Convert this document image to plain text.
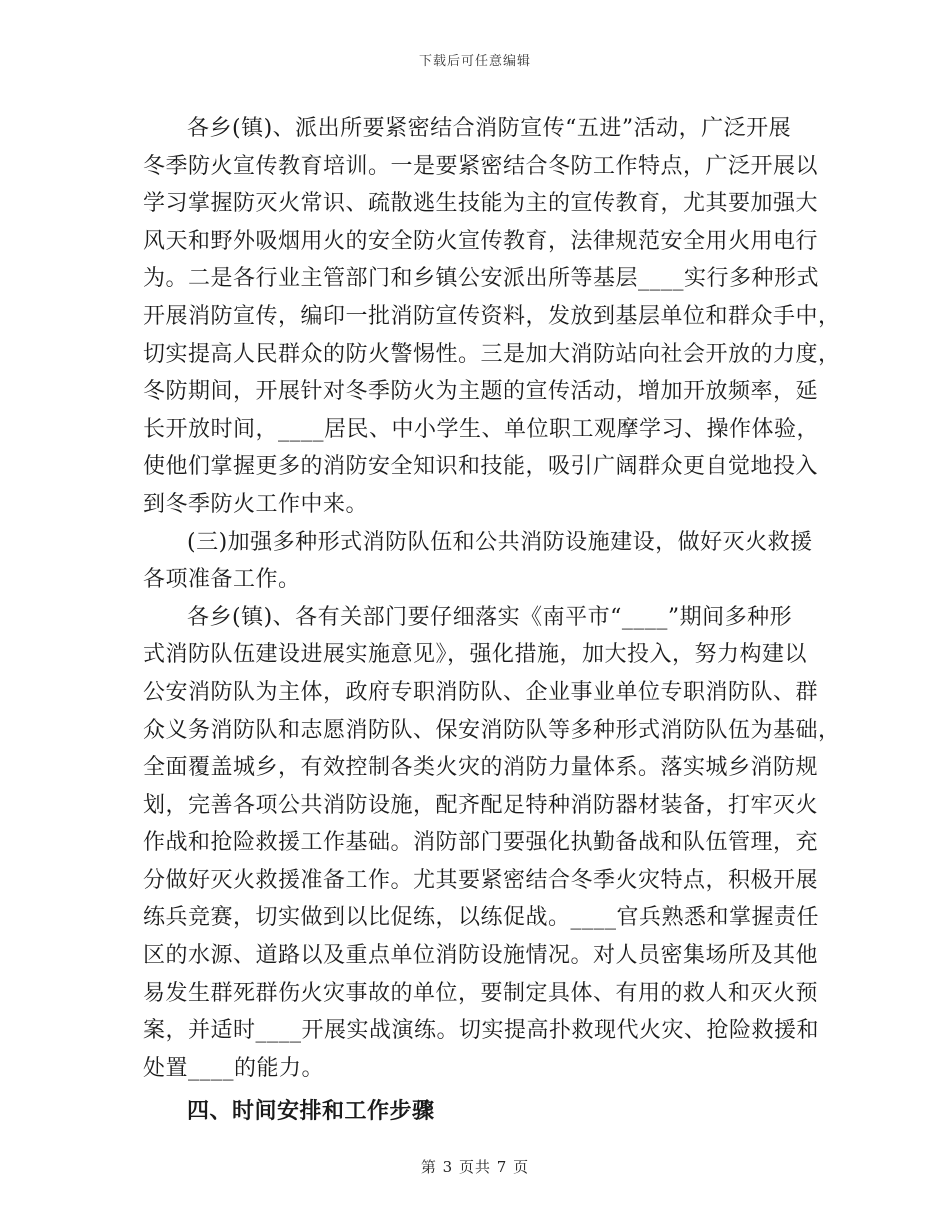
下载后可任意编辑
各乡(镇)、派出所要紧密结合消防宣传“五进”活动，广泛开展
冬季防火宣传教育培训。一是要紧密结合冬防工作特点，广泛开展以
学习掌握防灭火常识、疏散逃生技能为主的宣传教育，尤其要加强大
风天和野外吸烟用火的安全防火宣传教育，法律规范安全用火用电行
为。二是各行业主管部门和乡镇公安派出所等基层____实行多种形式
开展消防宣传，编印一批消防宣传资料，发放到基层单位和群众手中，
切实提高人民群众的防火警惕性。三是加大消防站向社会开放的力度，
冬防期间，开展针对冬季防火为主题的宣传活动，增加开放频率，延
长开放时间，____居民、中小学生、单位职工观摩学习、操作体验，
使他们掌握更多的消防安全知识和技能，吸引广阔群众更自觉地投入
到冬季防火工作中来。
(三)加强多种形式消防队伍和公共消防设施建设，做好灭火救援
各项准备工作。
各乡(镇)、各有关部门要仔细落实《南平市“____”期间多种形
式消防队伍建设进展实施意见》，强化措施，加大投入，努力构建以
公安消防队为主体，政府专职消防队、企业事业单位专职消防队、群
众义务消防队和志愿消防队、保安消防队等多种形式消防队伍为基础，
全面覆盖城乡，有效控制各类火灾的消防力量体系。落实城乡消防规
划，完善各项公共消防设施，配齐配足特种消防器材装备，打牢灭火
作战和抢险救援工作基础。消防部门要强化执勤备战和队伍管理，充
分做好灭火救援准备工作。尤其要紧密结合冬季火灾特点，积极开展
练兵竞赛，切实做到以比促练，以练促战。____官兵熟悉和掌握责任
区的水源、道路以及重点单位消防设施情况。对人员密集场所及其他
易发生群死群伤火灾事故的单位，要制定具体、有用的救人和灭火预
案，并适时____开展实战演练。切实提高扑救现代火灾、抢险救援和
处置____的能力。
四、时间安排和工作步骤
第 3 页共 7 页
